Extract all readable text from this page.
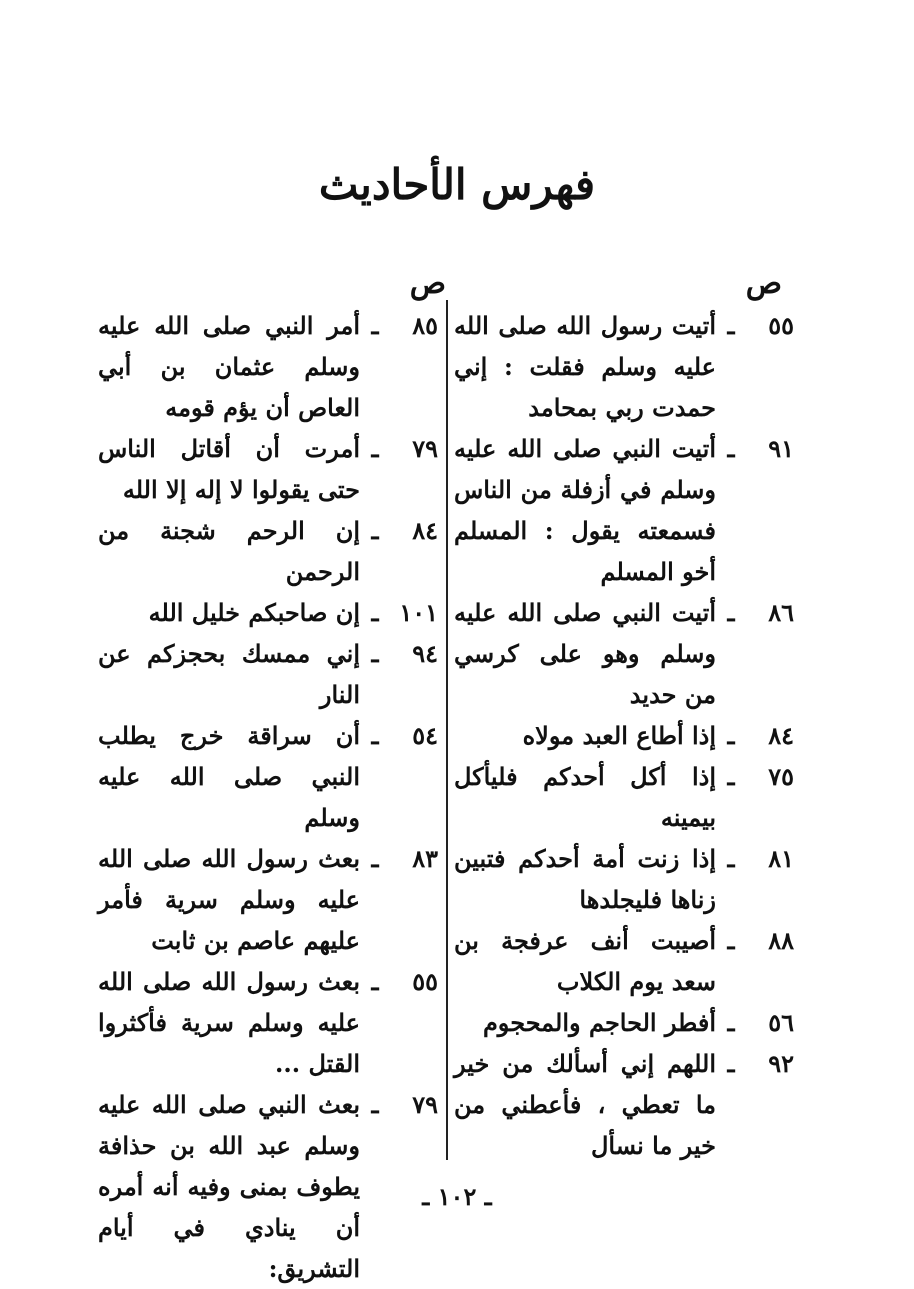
فهرس الأحاديث
ص
ص
٥٥
ـ
أتيت رسول الله صلى الله عليه وسلم فقلت : إني حمدت ربي بمحامد
٩١
ـ
أتيت النبي صلى الله عليه وسلم في أزفلة من الناس فسمعته يقول : المسلم أخو المسلم
٨٦
ـ
أتيت النبي صلى الله عليه وسلم وهو على كرسي من حديد
٨٤
ـ
إذا أطاع العبد مولاه
٧٥
ـ
إذا أكل أحدكم فليأكل بيمينه
٨١
ـ
إذا زنت أمة أحدكم فتبين زناها فليجلدها
٨٨
ـ
أصيبت أنف عرفجة بن سعد يوم الكلاب
٥٦
ـ
أفطر الحاجم والمحجوم
٩٢
ـ
اللهم إني أسألك من خير ما تعطي ، فأعطني من خير ما نسأل
٨٥
ـ
أمر النبي صلى الله عليه وسلم عثمان بن أبي العاص أن يؤم قومه
٧٩
ـ
أمرت أن أقاتل الناس حتى يقولوا لا إله إلا الله
٨٤
ـ
إن الرحم شجنة من الرحمن
١٠١
ـ
إن صاحبكم خليل الله
٩٤
ـ
إني ممسك بحجزكم عن النار
٥٤
ـ
أن سراقة خرج يطلب النبي صلى الله عليه وسلم
٨٣
ـ
بعث رسول الله صلى الله عليه وسلم سرية فأمر عليهم عاصم بن ثابت
٥٥
ـ
بعث رسول الله صلى الله عليه وسلم سرية فأكثروا القتل ...
٧٩
ـ
بعث النبي صلى الله عليه وسلم عبد الله بن حذافة يطوف بمنى وفيه أنه أمره أن ينادي في أيام التشريق:
ـ ١٠٢ ـ
